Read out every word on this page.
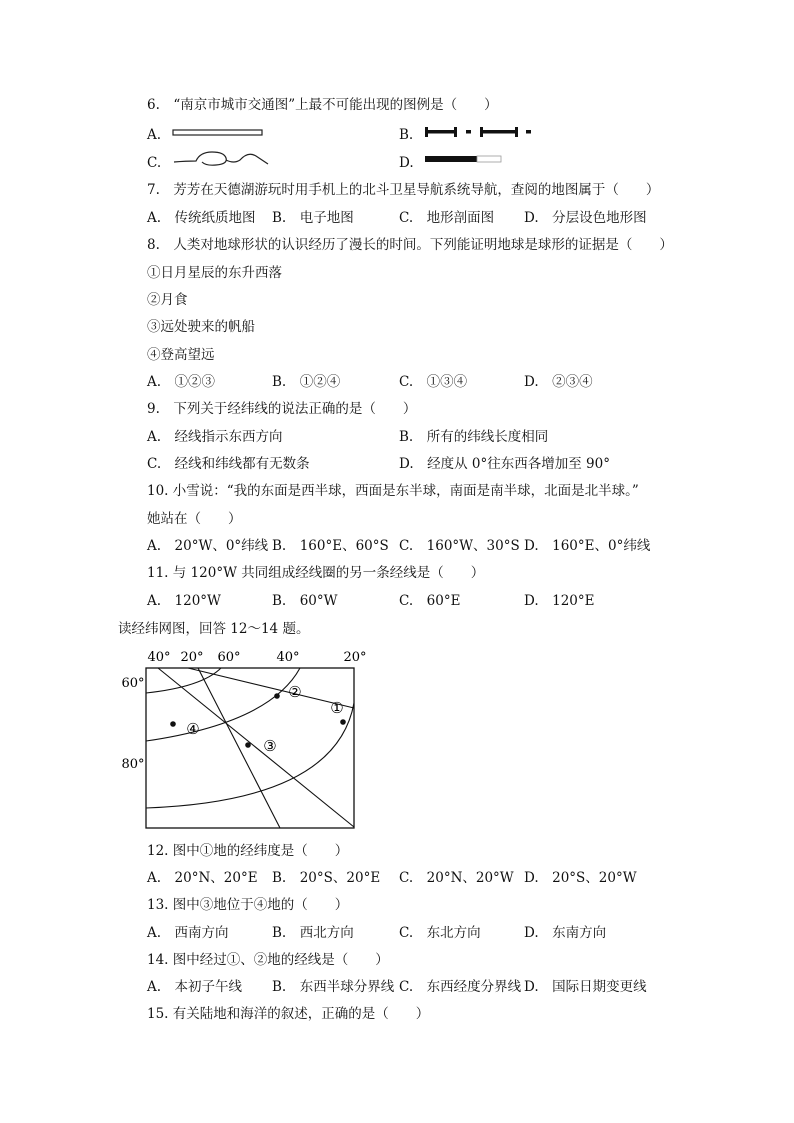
6.　“南京市城市交通图”上最不可能出现的图例是（　　）
A.	B.
C.	D.
7.　芳芳在天德湖游玩时用手机上的北斗卫星导航系统导航，查阅的地图属于（　　）
A.　传统纸质地图 B.　电子地图	C.　地形剖面图 D.　分层设色地形图
8.　人类对地球形状的认识经历了漫长的时间。下列能证明地球是球形的证据是（　　）
①日月星辰的东升西落
②月食
③远处驶来的帆船
④登高望远
A.　①②③	B.　①②④	C.　①③④	D.　②③④
9.　下列关于经纬线的说法正确的是（　　）
A.　经线指示东西方向	B.　所有的纬线长度相同
C.　经线和纬线都有无数条	D.　经度从 0°往东西各增加至 90°
10. 小雪说：“我的东面是西半球，西面是东半球，南面是南半球，北面是北半球。”
她站在（　　）
A.　20°W、0°纬线 B.　160°E、60°S C.　160°W、30°S D.　160°E、0°纬线
11. 与 120°W 共同组成经线圈的另一条经线是（　　）
A.　120°W	B.　60°W	C.　60°E	D.　120°E
读经纬网图，回答 12～14 题。
①
②
③
④
40° 20° 60°	40°	20°
60°
80°
12. 图中①地的经纬度是（　　）
A.　20°N、20°E B.　20°S、20°E C.　20°N、20°W D.　20°S、20°W
13. 图中③地位于④地的（　　）
A.　西南方向	B.　西北方向	C.　东北方向	D.　东南方向
14. 图中经过①、②地的经线是（　　）
A.　本初子午线 B.　东西半球分界线 C.　东西经度分界线 D.　国际日期变更线
15. 有关陆地和海洋的叙述，正确的是（　　）
